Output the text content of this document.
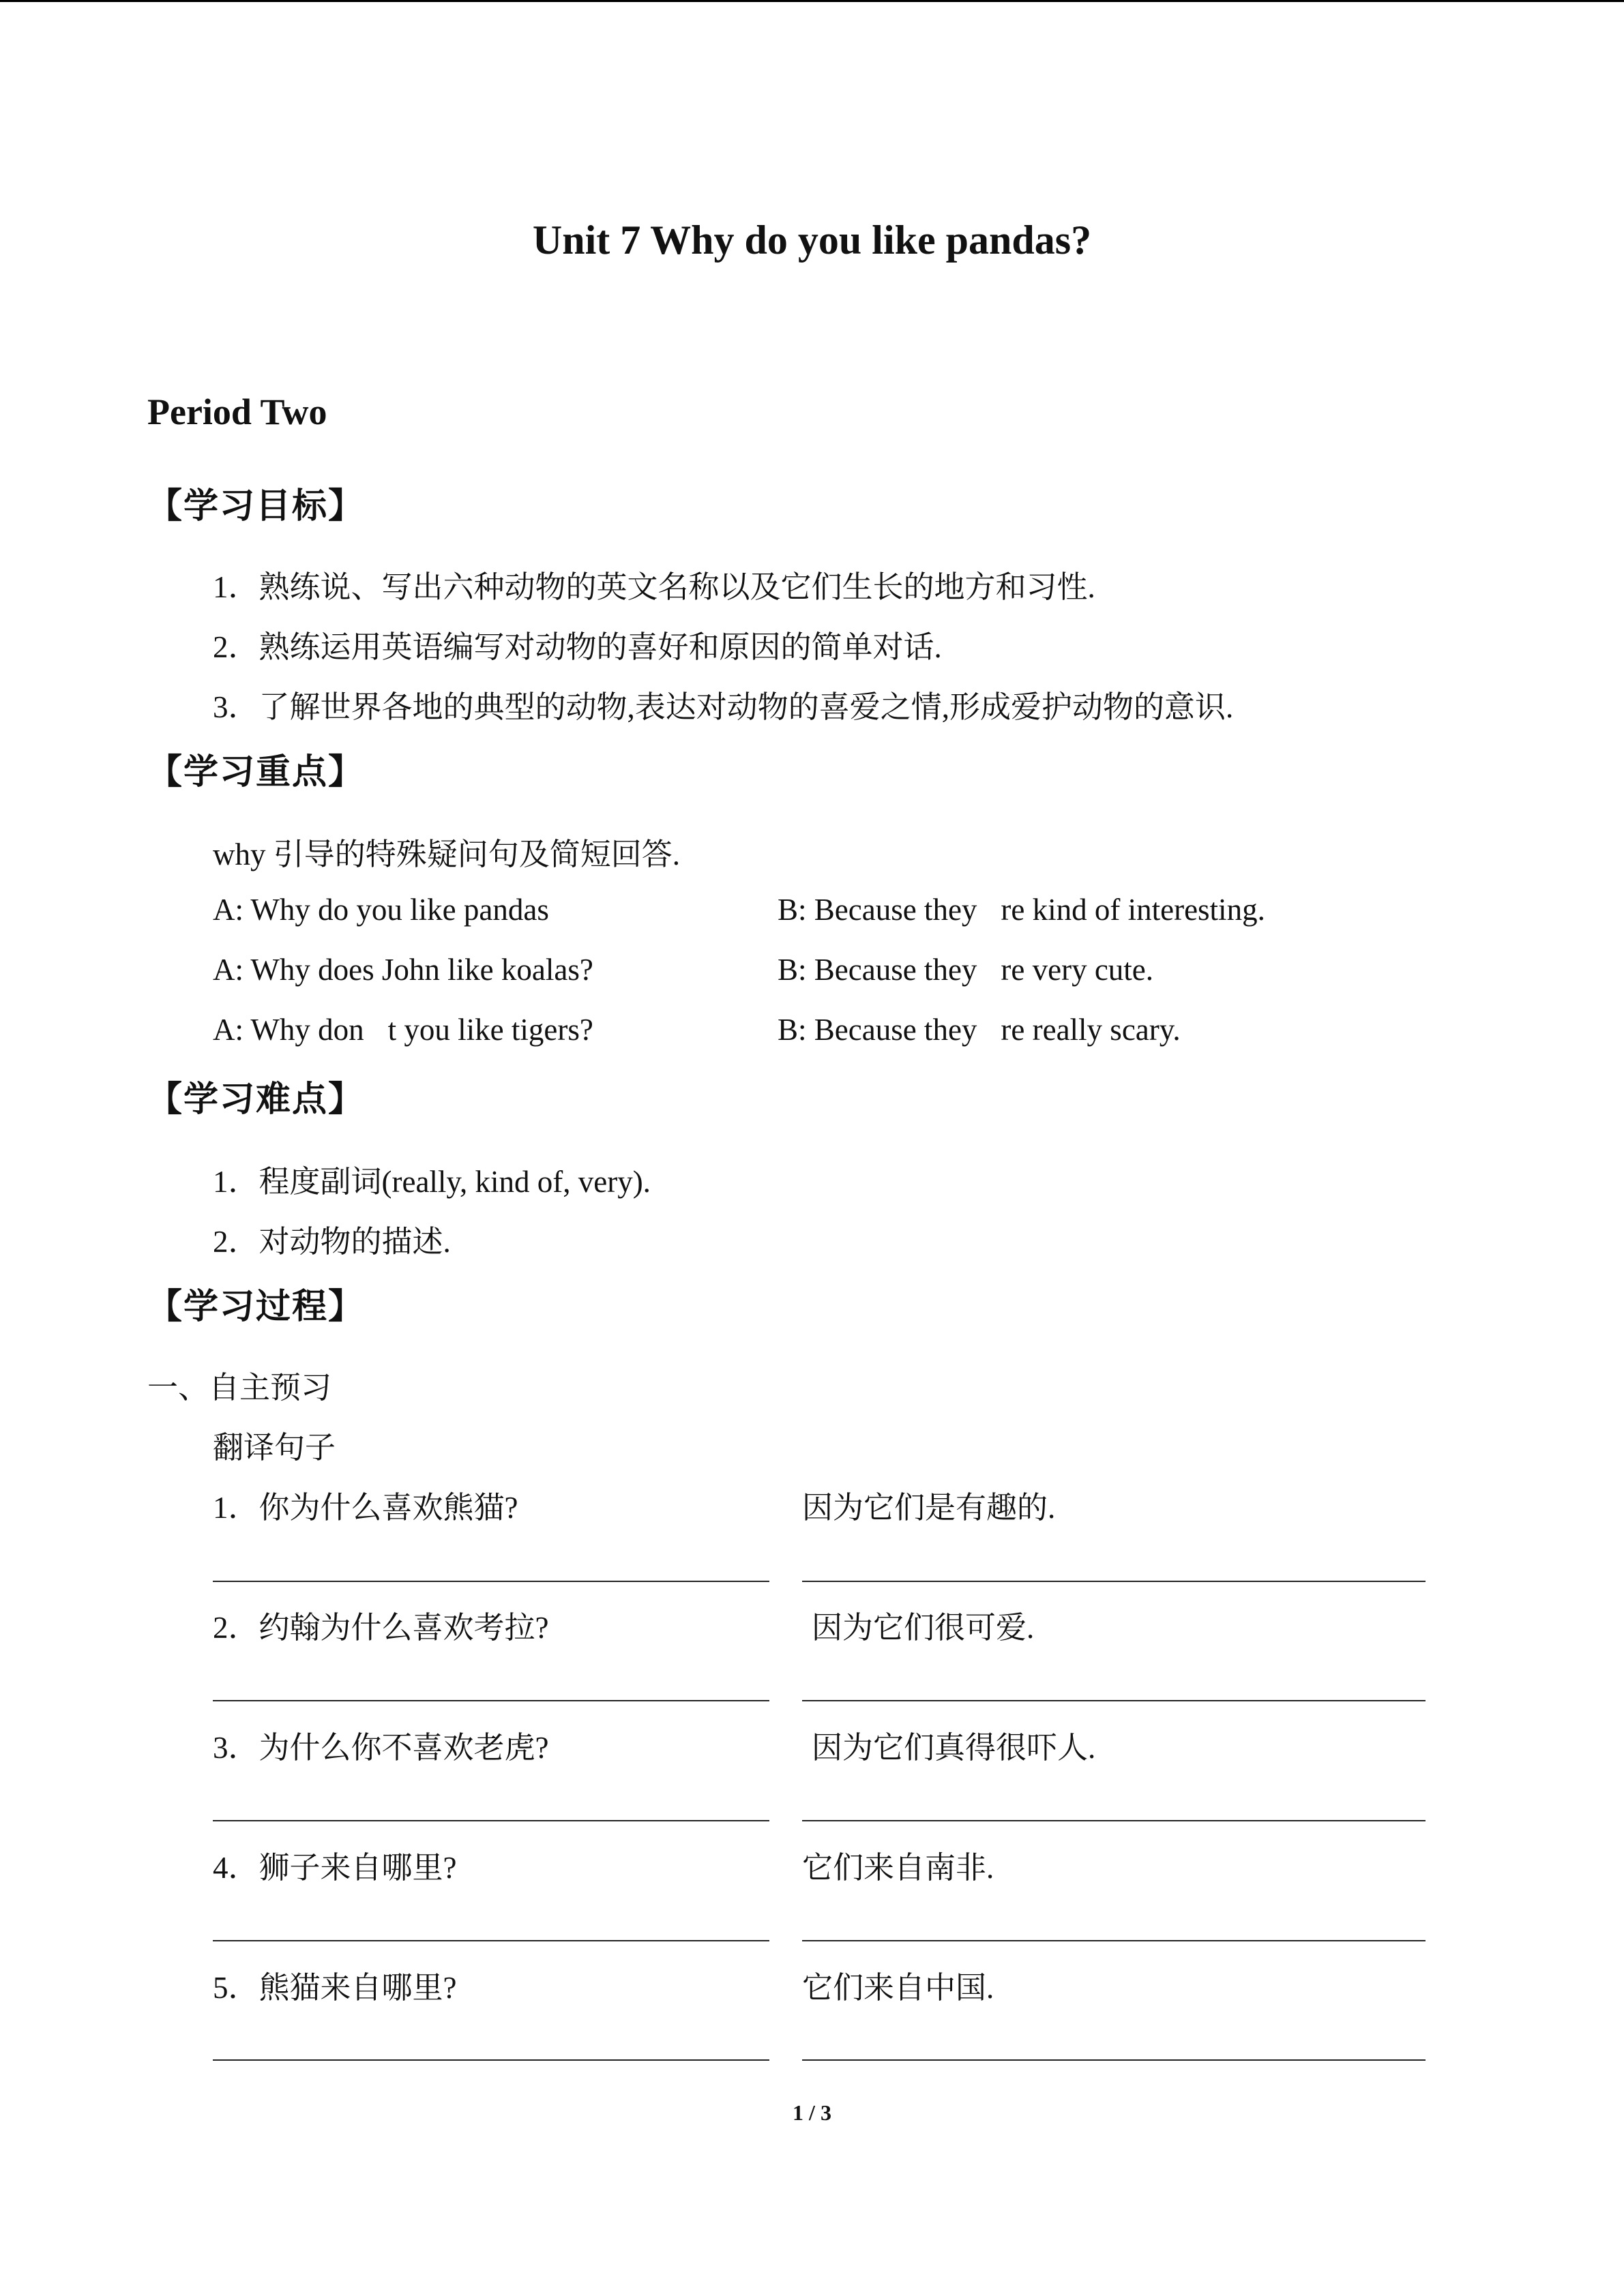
Unit 7 Why do you like pandas?
Period Two
【学习目标】
1．熟练说、写出六种动物的英文名称以及它们生长的地方和习性.
2．熟练运用英语编写对动物的喜好和原因的简单对话.
3．了解世界各地的典型的动物,表达对动物的喜爱之情,形成爱护动物的意识.
【学习重点】
why 引导的特殊疑问句及简短回答.
A: Why do you like pandas	B: Because they re kind of interesting.
A: Why does John like koalas?	B: Because they re very cute.
A: Why don t you like tigers?	B: Because they re really scary.
【学习难点】
1．程度副词(really, kind of, very).
2．对动物的描述.
【学习过程】
一、自主预习
翻译句子
1．你为什么喜欢熊猫?	因为它们是有趣的.
2．约翰为什么喜欢考拉?	因为它们很可爱.
3．为什么你不喜欢老虎?	因为它们真得很吓人.
4．狮子来自哪里?	它们来自南非.
5．熊猫来自哪里?	它们来自中国.
1 / 3
